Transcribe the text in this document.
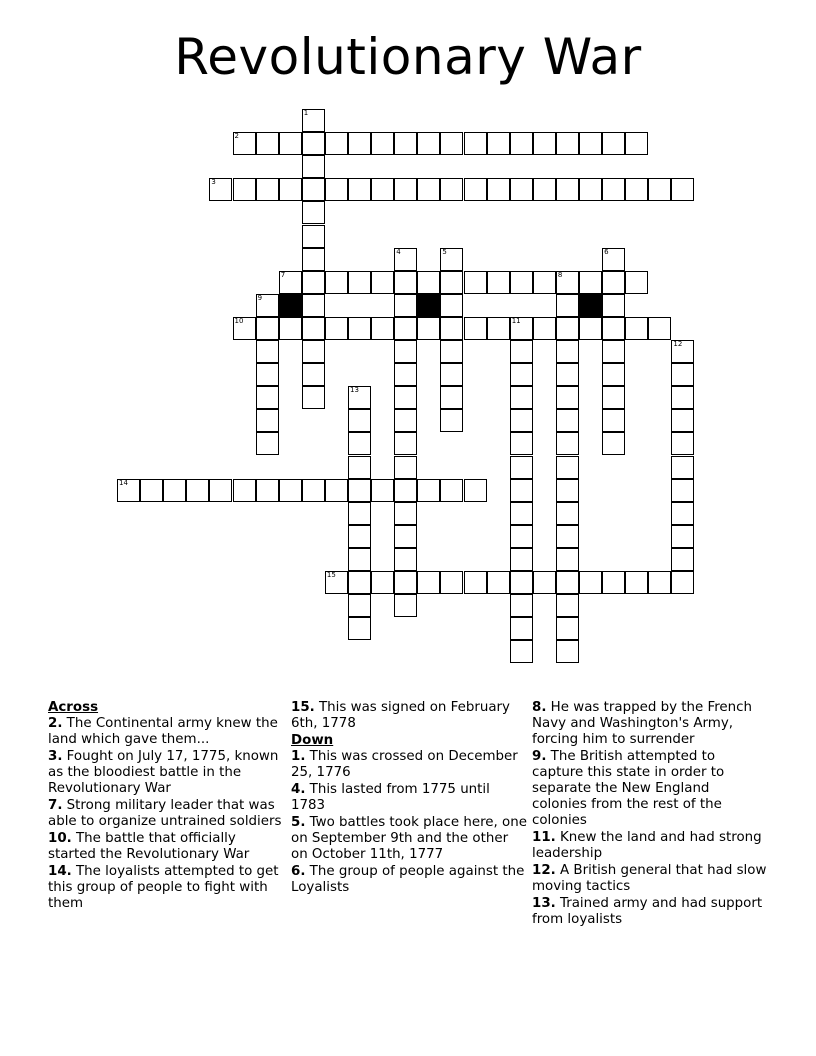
Revolutionary War
2
3
7	8
10	11
14
15
9
1
4	5	6
12
13
Across
2. The Continental army knew the land which gave them...
3. Fought on July 17, 1775, known as the bloodiest battle in the Revolutionary War
7. Strong military leader that was able to organize untrained soldiers
10. The battle that officially started the Revolutionary War
14. The loyalists attempted to get this group of people to fight with them
15. This was signed on February 6th, 1778
Down
1. This was crossed on December 25, 1776
4. This lasted from 1775 until 1783
5. Two battles took place here, one on September 9th and the other on October 11th, 1777
6. The group of people against the Loyalists
8. He was trapped by the French Navy and Washington's Army, forcing him to surrender
9. The British attempted to capture this state in order to separate the New England colonies from the rest of the colonies
11. Knew the land and had strong leadership
12. A British general that had slow moving tactics
13. Trained army and had support from loyalists
